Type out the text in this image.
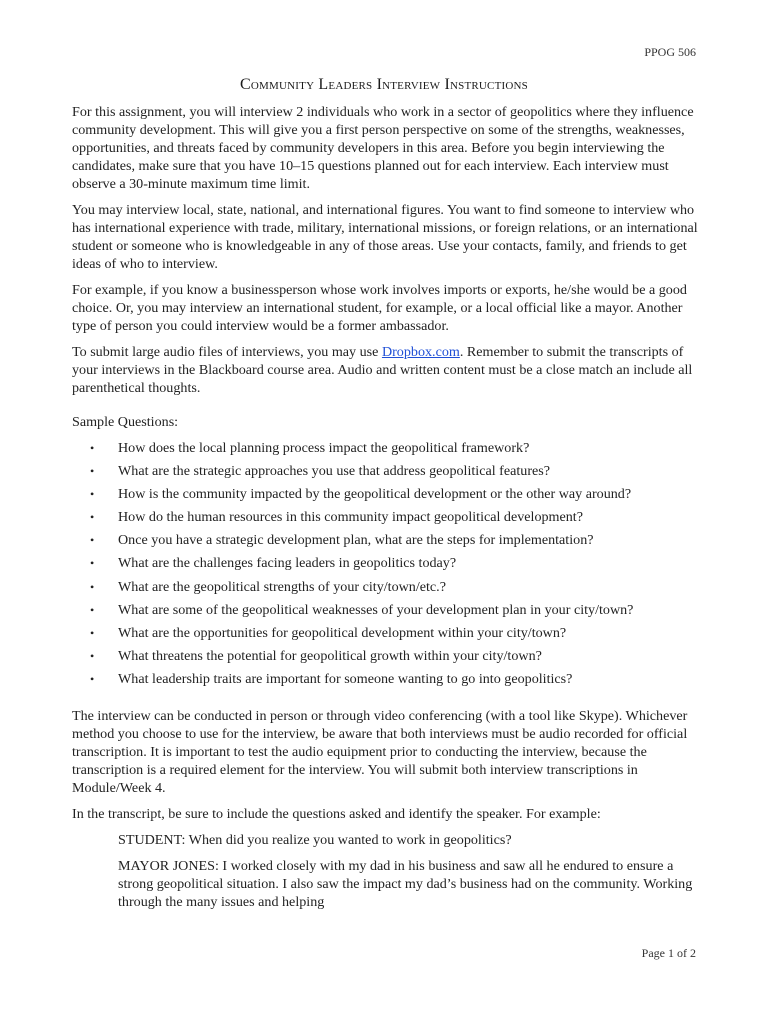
PPOG 506
Community Leaders Interview Instructions

For this assignment, you will interview 2 individuals who work in a sector of geopolitics where they influence community development. This will give you a first person perspective on some of the strengths, weaknesses, opportunities, and threats faced by community developers in this area. Before you begin interviewing the candidates, make sure that you have 10–15 questions planned out for each interview. Each interview must observe a 30-minute maximum time limit.

You may interview local, state, national, and international figures. You want to find someone to interview who has international experience with trade, military, international missions, or foreign relations, or an international student or someone who is knowledgeable in any of those areas. Use your contacts, family, and friends to get ideas of who to interview.

For example, if you know a businessperson whose work involves imports or exports, he/she would be a good choice. Or, you may interview an international student, for example, or a local official like a mayor. Another type of person you could interview would be a former ambassador.

To submit large audio files of interviews, you may use Dropbox.com. Remember to submit the transcripts of your interviews in the Blackboard course area. Audio and written content must be a close match an include all parenthetical thoughts.

Sample Questions:

• How does the local planning process impact the geopolitical framework?
• What are the strategic approaches you use that address geopolitical features?
• How is the community impacted by the geopolitical development or the other way around?
• How do the human resources in this community impact geopolitical development?
• Once you have a strategic development plan, what are the steps for implementation?
• What are the challenges facing leaders in geopolitics today?
• What are the geopolitical strengths of your city/town/etc.?
• What are some of the geopolitical weaknesses of your development plan in your city/town?
• What are the opportunities for geopolitical development within your city/town?
• What threatens the potential for geopolitical growth within your city/town?
• What leadership traits are important for someone wanting to go into geopolitics?

The interview can be conducted in person or through video conferencing (with a tool like Skype). Whichever method you choose to use for the interview, be aware that both interviews must be audio recorded for official transcription. It is important to test the audio equipment prior to conducting the interview, because the transcription is a required element for the interview. You will submit both interview transcriptions in Module/Week 4.

In the transcript, be sure to include the questions asked and identify the speaker. For example:

STUDENT: When did you realize you wanted to work in geopolitics?

MAYOR JONES: I worked closely with my dad in his business and saw all he endured to ensure a strong geopolitical situation. I also saw the impact my dad’s business had on the community. Working through the many issues and helping

Page 1 of 2
